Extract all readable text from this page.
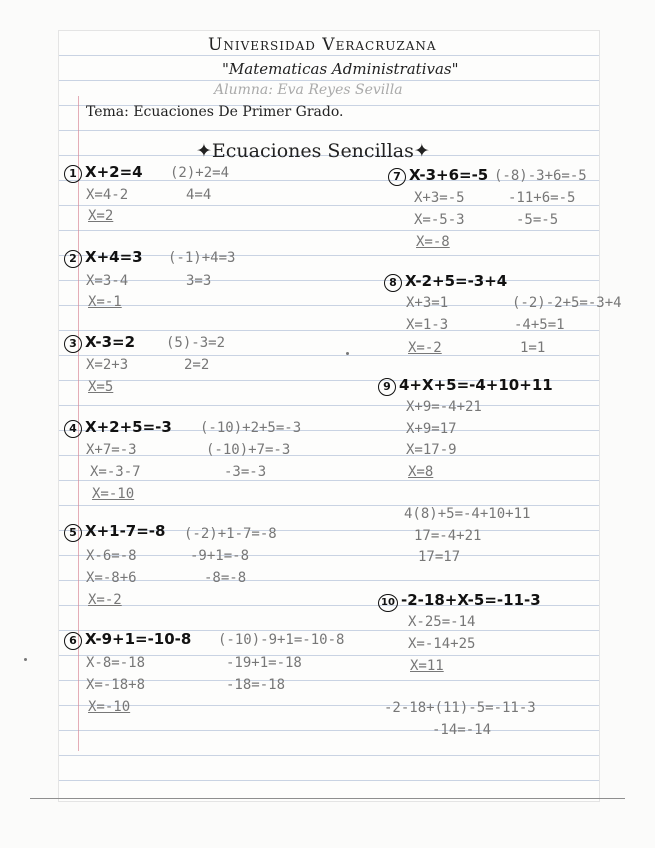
Universidad Veracruzana
"Matematicas Administrativas"
Alumna: Eva Reyes Sevilla
Tema: Ecuaciones De Primer Grado.
✦Ecuaciones Sencillas✦
1 X+2=4 (2)+2=4
4=4
X=4-2
X=2
2 X+4=3 (-1)+4=3
3=3
X=3-4
X=-1
3 X-3=2 (5)-3=2
2=2
X=2+3
X=5
4 X+2+5=-3 (-10)+2+5=-3
(-10)+7=-3
-3=-3
X+7=-3
X=-3-7
X=-10
5 X+1-7=-8 (-2)+1-7=-8
-9+1=-8
-8=-8
X-6=-8
X=-8+6
X=-2
6 X-9+1=-10-8 (-10)-9+1=-10-8
-19+1=-18
-18=-18
X-8=-18
X=-18+8
X=-10
7 X-3+6=-5 (-8)-3+6=-5
-11+6=-5
-5=-5
X+3=-5
X=-5-3
X=-8
8 X-2+5=-3+4
(-2)-2+5=-3+4
-4+5=1
1=1
X+3=1
X=1-3
X=-2
9 4+X+5=-4+10+11
X+9=-4+21
X+9=17
X=17-9
X=8
4(8)+5=-4+10+11
17=-4+21
17=17
10 -2-18+X-5=-11-3
X-25=-14
X=-14+25
X=11
-2-18+(11)-5=-11-3
-14=-14
